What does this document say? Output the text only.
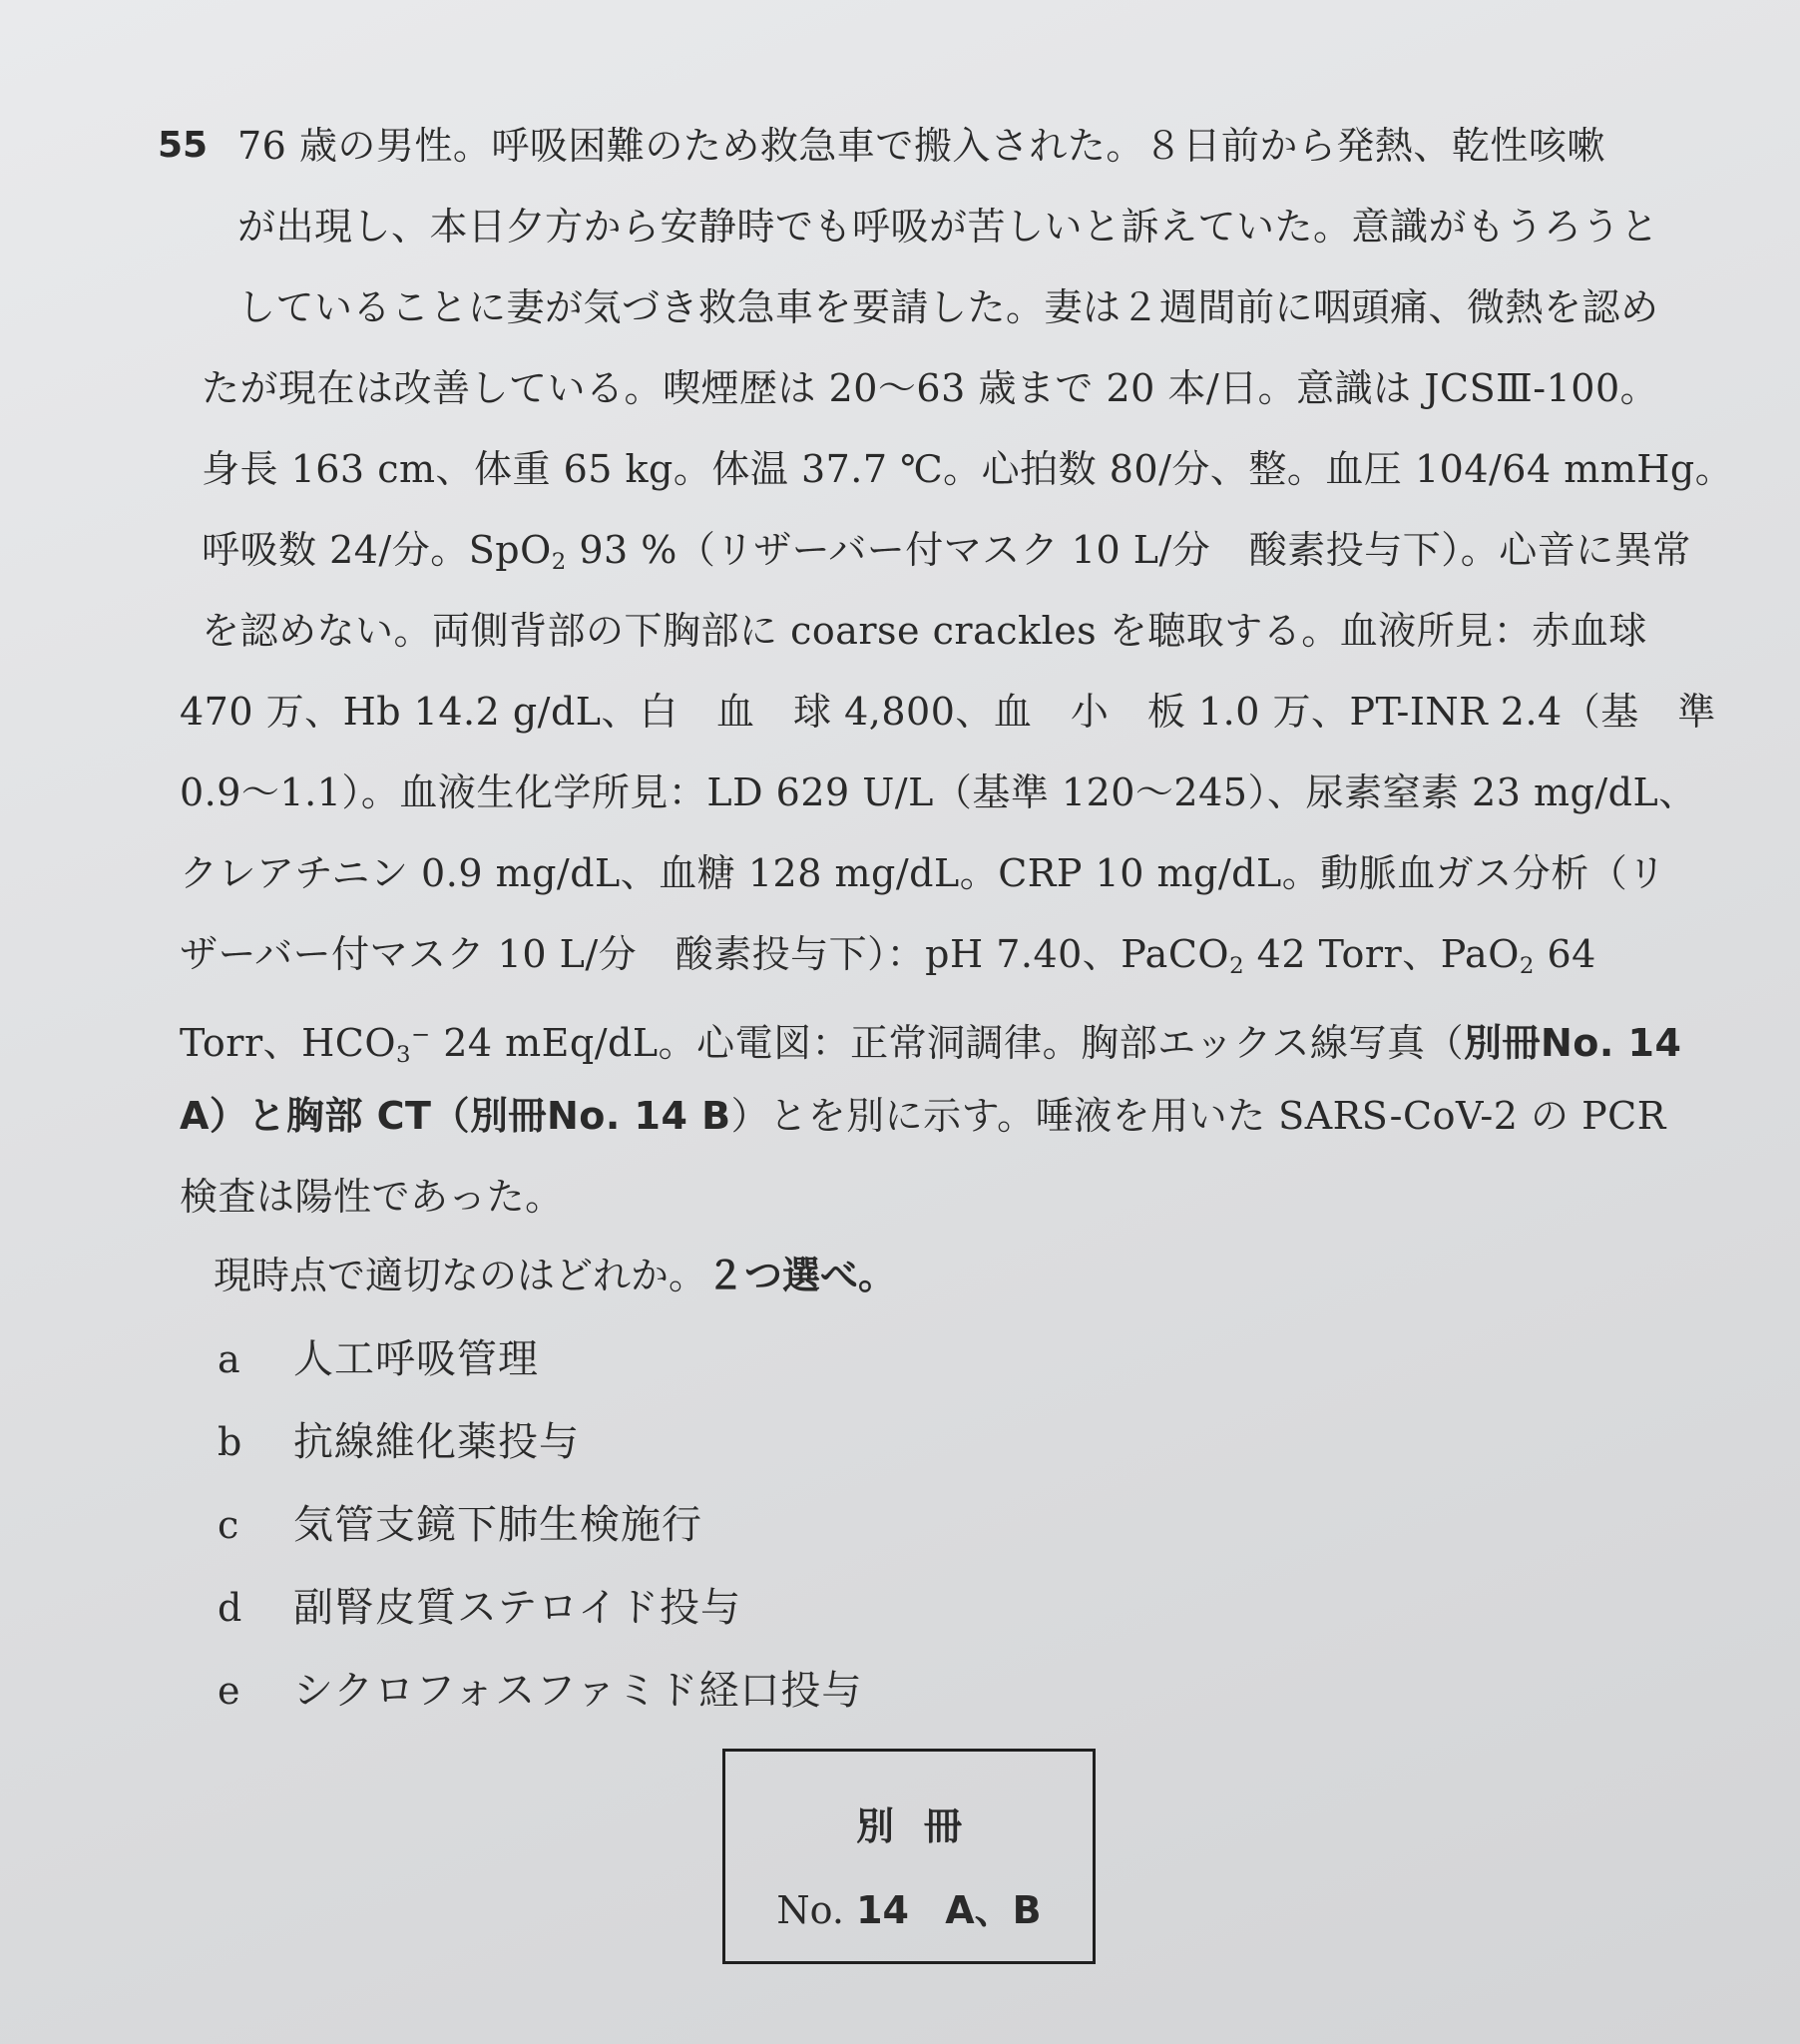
55 76 歳の男性。呼吸困難のため救急車で搬入された。８日前から発熱、乾性咳嗽
が出現し、本日夕方から安静時でも呼吸が苦しいと訴えていた。意識がもうろうと
していることに妻が気づき救急車を要請した。妻は２週間前に咽頭痛、微熱を認め
たが現在は改善している。喫煙歴は 20〜63 歳まで 20 本/日。意識は JCSⅢ-100。
身長 163 cm、体重 65 kg。体温 37.7 ℃。心拍数 80/分、整。血圧 104/64 mmHg。
呼吸数 24/分。SpO$_2$ 93 %（リザーバー付マスク 10 L/分　酸素投与下）。心音に異常
を認めない。両側背部の下胸部に coarse crackles を聴取する。血液所見：赤血球
470 万、Hb 14.2 g/dL、白　血　球 4,800、血　小　板 1.0 万、PT-INR 2.4（基　準
0.9〜1.1）。血液生化学所見：LD 629 U/L（基準 120〜245）、尿素窒素 23 mg/dL、
クレアチニン 0.9 mg/dL、血糖 128 mg/dL。CRP 10 mg/dL。動脈血ガス分析（リ
ザーバー付マスク 10 L/分　酸素投与下）：pH 7.40、PaCO$_2$ 42 Torr、PaO$_2$ 64
Torr、$HCO_3^-$ 24 mEq/dL。心電図：正常洞調律。胸部エックス線写真（別冊No. 14
A）と胸部 CT（別冊No. 14 B）とを別に示す。唾液を用いた SARS-CoV-2 の PCR
検査は陽性であった。
現時点で適切なのはどれか。２つ選べ。
a	人工呼吸管理
b	抗線維化薬投与
c	気管支鏡下肺生検施行
d	副腎皮質ステロイド投与
e	シクロフォスファミド経口投与
別冊
No. 14 A、B
